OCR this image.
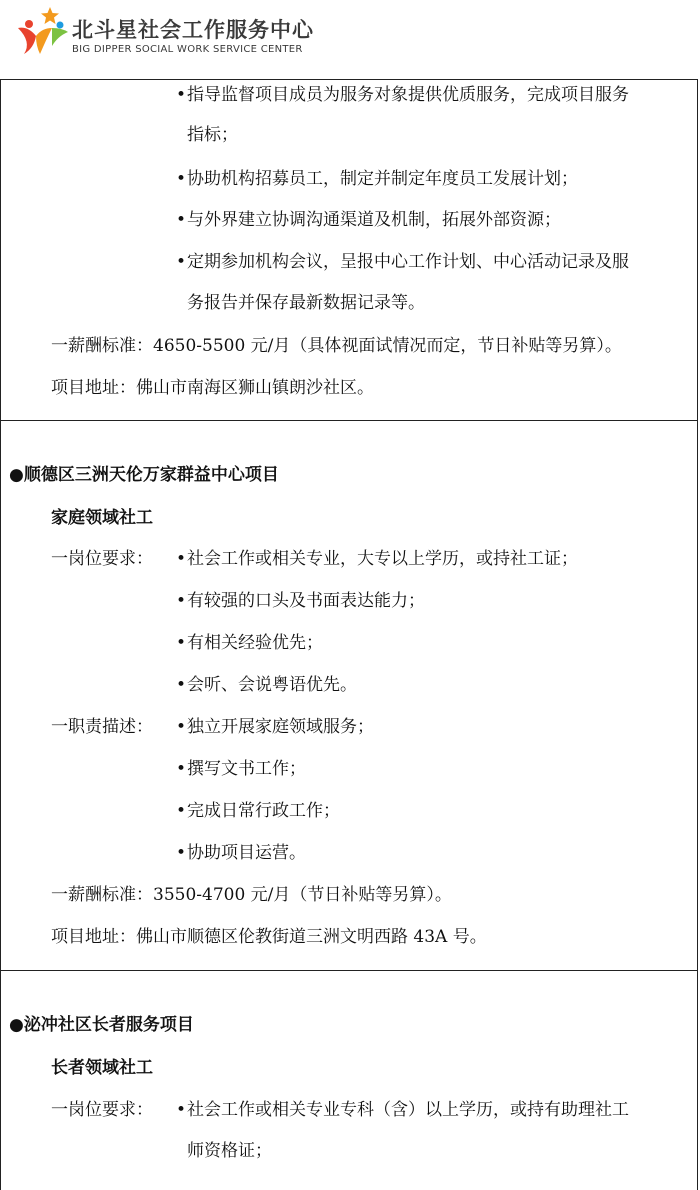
北斗星社会工作服务中心
BIG DIPPER SOCIAL WORK SERVICE CENTER
• 指导监督项目成员为服务对象提供优质服务，完成项目服务
指标；
• 协助机构招募员工，制定并制定年度员工发展计划；
• 与外界建立协调沟通渠道及机制，拓展外部资源；
• 定期参加机构会议，呈报中心工作计划、中心活动记录及服
务报告并保存最新数据记录等。
一薪酬标准：4650-5500 元/月（具体视面试情况而定，节日补贴等另算）。
项目地址：佛山市南海区狮山镇朗沙社区。
●顺德区三洲天伦万家群益中心项目
家庭领域社工
一岗位要求： • 社会工作或相关专业，大专以上学历，或持社工证；
• 有较强的口头及书面表达能力；
• 有相关经验优先；
• 会听、会说粤语优先。
一职责描述： • 独立开展家庭领域服务；
• 撰写文书工作；
• 完成日常行政工作；
• 协助项目运营。
一薪酬标准：3550-4700 元/月（节日补贴等另算）。
项目地址：佛山市顺德区伦教街道三洲文明西路 43A 号。
●泌冲社区长者服务项目
长者领域社工
一岗位要求： • 社会工作或相关专业专科（含）以上学历，或持有助理社工
师资格证；
